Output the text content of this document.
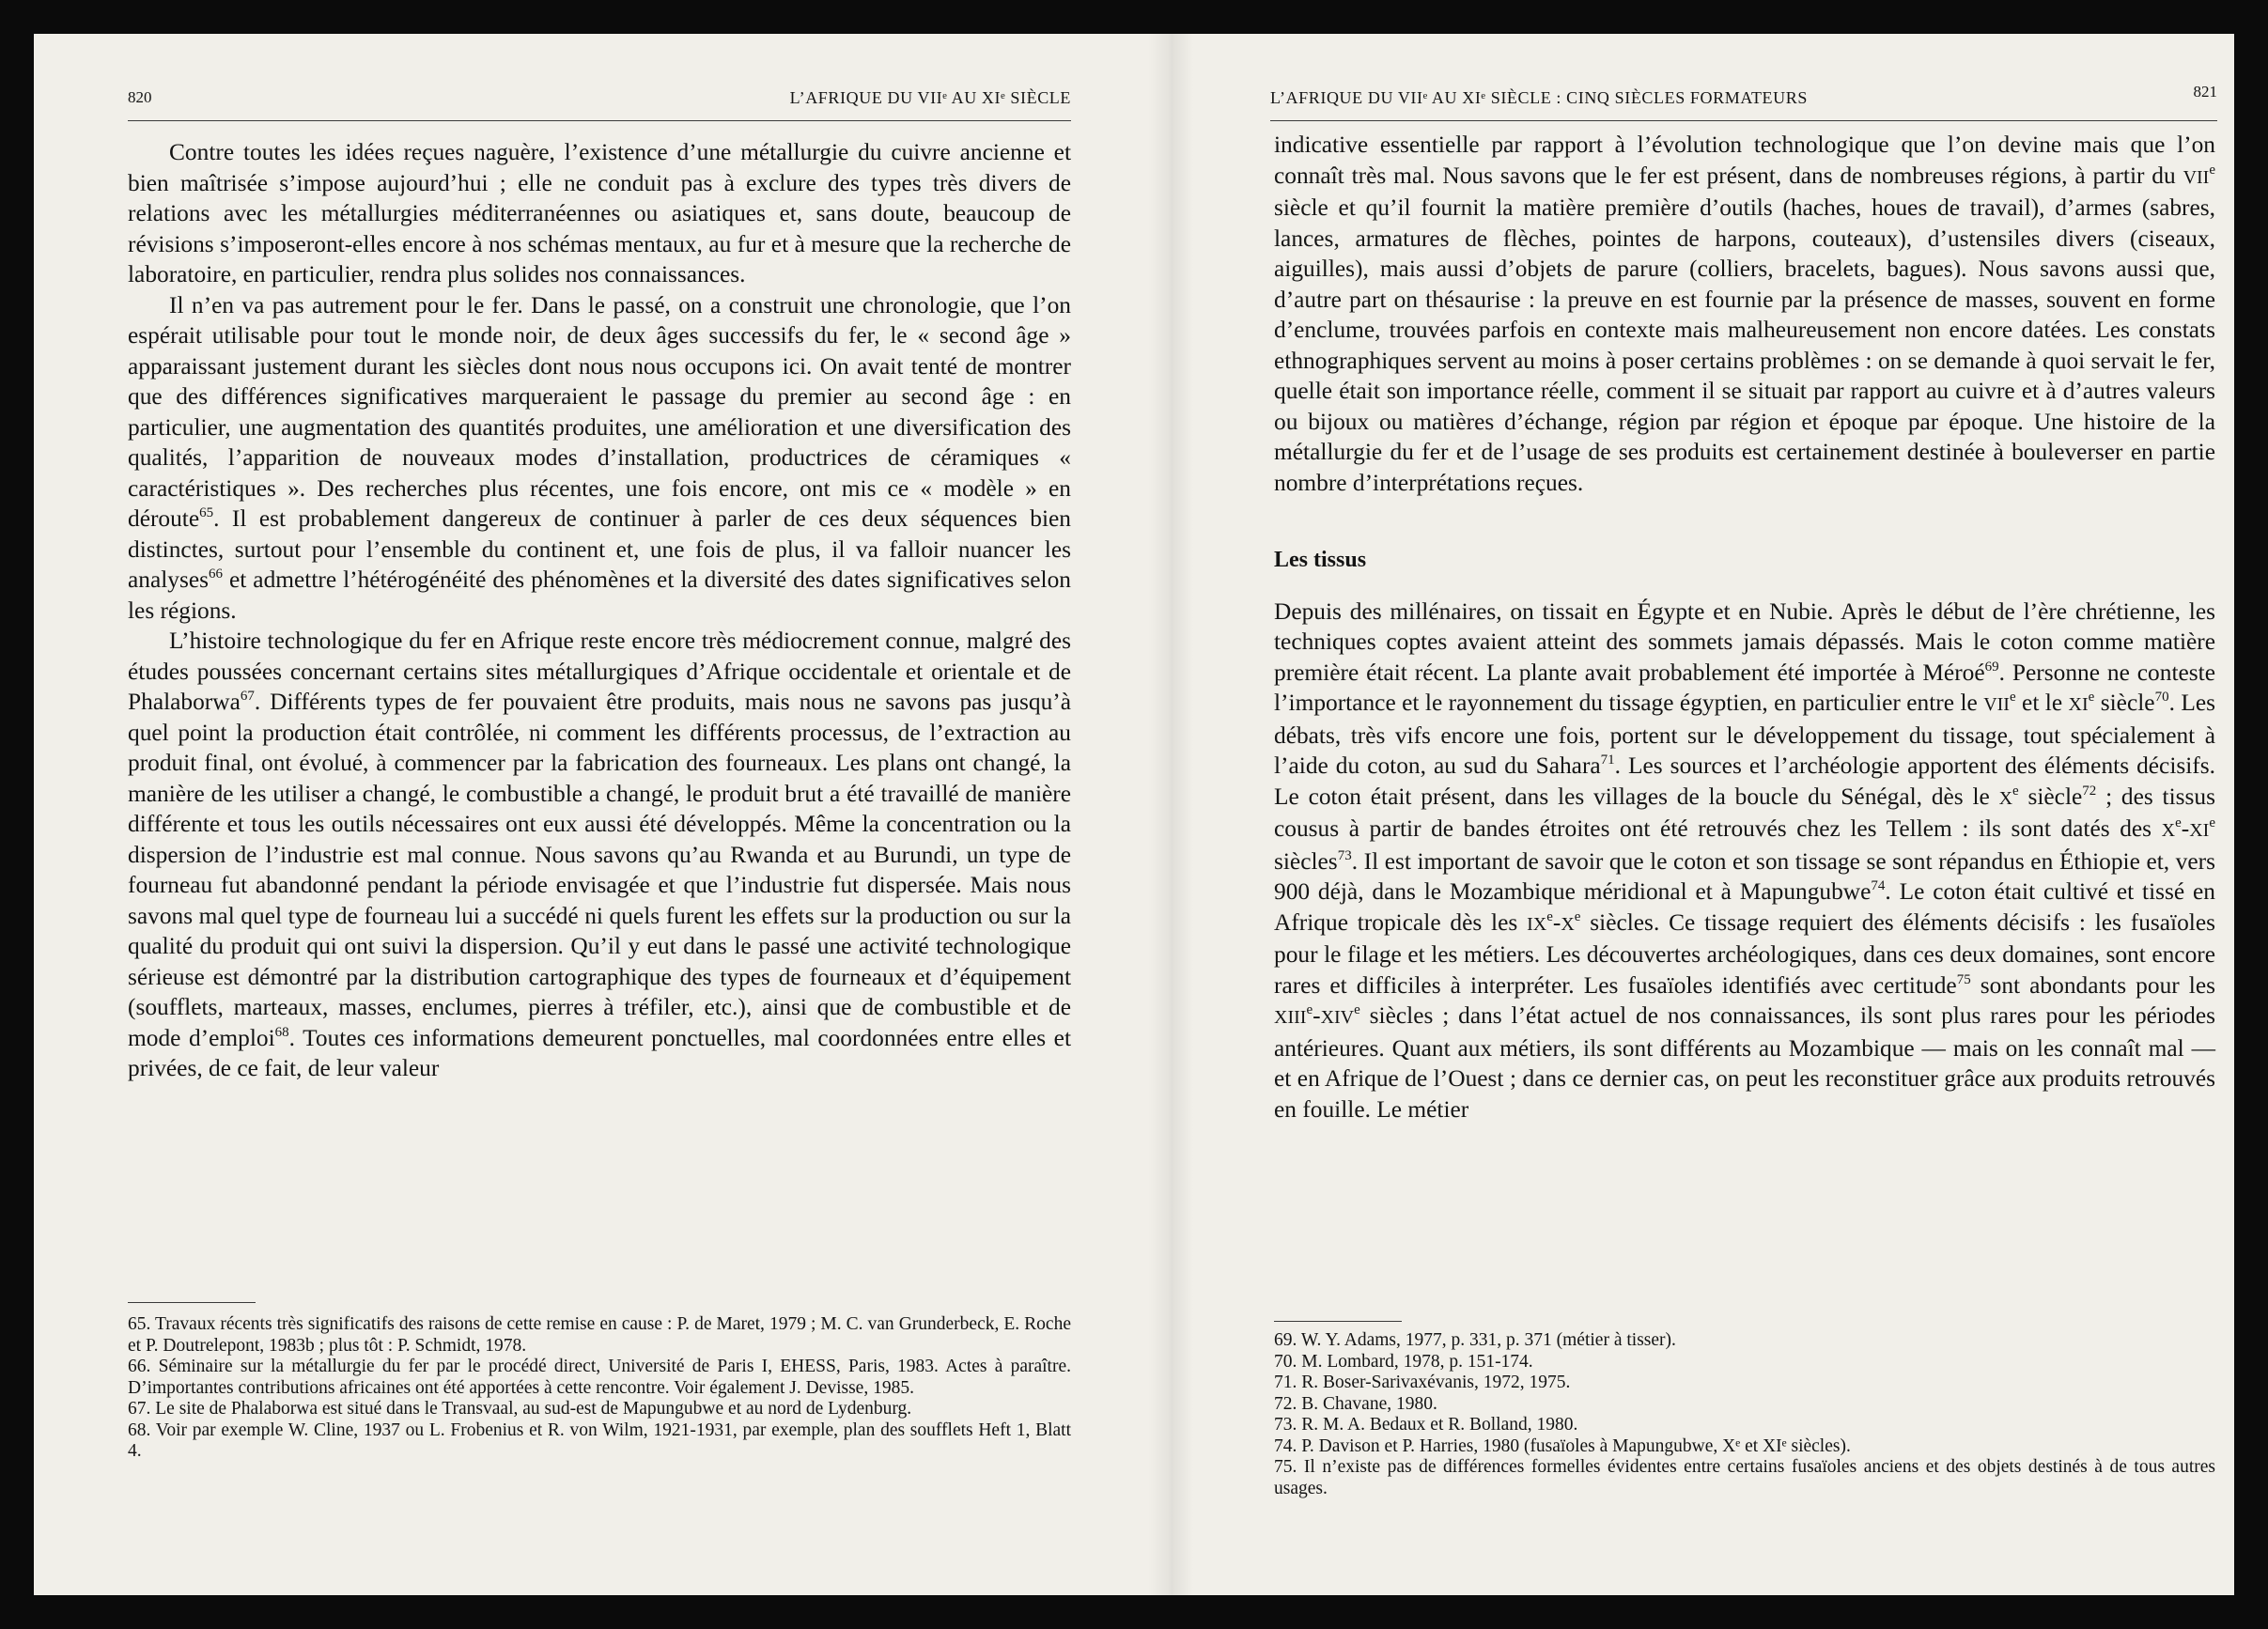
820	L’AFRIQUE DU VIIᵉ AU XIᵉ SIÈCLE

Contre toutes les idées reçues naguère, l’existence d’une métallurgie du cuivre ancienne et bien maîtrisée s’impose aujourd’hui ; elle ne conduit pas à exclure des types très divers de relations avec les métallurgies méditerranéennes ou asiatiques et, sans doute, beaucoup de révisions s’imposeront-elles encore à nos schémas mentaux, au fur et à mesure que la recherche de laboratoire, en particulier, rendra plus solides nos connaissances.

Il n’en va pas autrement pour le fer. Dans le passé, on a construit une chronologie, que l’on espérait utilisable pour tout le monde noir, de deux âges successifs du fer, le « second âge » apparaissant justement durant les siècles dont nous nous occupons ici. On avait tenté de montrer que des différences significatives marqueraient le passage du premier au second âge : en particulier, une augmentation des quantités produites, une amélioration et une diversification des qualités, l’apparition de nouveaux modes d’installation, productrices de céramiques « caractéristiques ». Des recherches plus récentes, une fois encore, ont mis ce « modèle » en déroute$^{65}$. Il est probablement dangereux de continuer à parler de ces deux séquences bien distinctes, surtout pour l’ensemble du continent et, une fois de plus, il va falloir nuancer les analyses$^{66}$ et admettre l’hétérogénéité des phénomènes et la diversité des dates significatives selon les régions.

L’histoire technologique du fer en Afrique reste encore très médiocrement connue, malgré des études poussées concernant certains sites métallurgiques d’Afrique occidentale et orientale et de Phalaborwa$^{67}$. Différents types de fer pouvaient être produits, mais nous ne savons pas jusqu’à quel point la production était contrôlée, ni comment les différents processus, de l’extraction au produit final, ont évolué, à commencer par la fabrication des fourneaux. Les plans ont changé, la manière de les utiliser a changé, le combustible a changé, le produit brut a été travaillé de manière différente et tous les outils nécessaires ont eux aussi été développés. Même la concentration ou la dispersion de l’industrie est mal connue. Nous savons qu’au Rwanda et au Burundi, un type de fourneau fut abandonné pendant la période envisagée et que l’industrie fut dispersée. Mais nous savons mal quel type de fourneau lui a succédé ni quels furent les effets sur la production ou sur la qualité du produit qui ont suivi la dispersion. Qu’il y eut dans le passé une activité technologique sérieuse est démontré par la distribution cartographique des types de fourneaux et d’équipement (soufflets, marteaux, masses, enclumes, pierres à tréfiler, etc.), ainsi que de combustible et de mode d’emploi$^{68}$. Toutes ces informations demeurent ponctuelles, mal coordonnées entre elles et privées, de ce fait, de leur valeur

65. Travaux récents très significatifs des raisons de cette remise en cause : P. de Maret, 1979 ; M. C. van Grunderbeck, E. Roche et P. Doutrelepont, 1983b ; plus tôt : P. Schmidt, 1978.

66. Séminaire sur la métallurgie du fer par le procédé direct, Université de Paris I, EHESS, Paris, 1983. Actes à paraître. D’importantes contributions africaines ont été apportées à cette rencontre. Voir également J. Devisse, 1985.

67. Le site de Phalaborwa est situé dans le Transvaal, au sud-est de Mapungubwe et au nord de Lydenburg.

68. Voir par exemple W. Cline, 1937 ou L. Frobenius et R. von Wilm, 1921-1931, par exemple, plan des soufflets Heft 1, Blatt 4.

L’AFRIQUE DU VIIᵉ AU XIᵉ SIÈCLE : CINQ SIÈCLES FORMATEURS	821

indicative essentielle par rapport à l’évolution technologique que l’on devine mais que l’on connaît très mal. Nous savons que le fer est présent, dans de nombreuses régions, à partir du VIIe siècle et qu’il fournit la matière première d’outils (haches, houes de travail), d’armes (sabres, lances, armatures de flèches, pointes de harpons, couteaux), d’ustensiles divers (ciseaux, aiguilles), mais aussi d’objets de parure (colliers, bracelets, bagues). Nous savons aussi que, d’autre part on thésaurise : la preuve en est fournie par la présence de masses, souvent en forme d’enclume, trouvées parfois en contexte mais malheureusement non encore datées. Les constats ethnographiques servent au moins à poser certains problèmes : on se demande à quoi servait le fer, quelle était son importance réelle, comment il se situait par rapport au cuivre et à d’autres valeurs ou bijoux ou matières d’échange, région par région et époque par époque. Une histoire de la métallurgie du fer et de l’usage de ses produits est certainement destinée à bouleverser en partie nombre d’interprétations reçues.

Les tissus

Depuis des millénaires, on tissait en Égypte et en Nubie. Après le début de l’ère chrétienne, les techniques coptes avaient atteint des sommets jamais dépassés. Mais le coton comme matière première était récent. La plante avait probablement été importée à Méroé$^{69}$. Personne ne conteste l’importance et le rayonnement du tissage égyptien, en particulier entre le VIIe et le XIe siècle$^{70}$. Les débats, très vifs encore une fois, portent sur le développement du tissage, tout spécialement à l’aide du coton, au sud du Sahara$^{71}$. Les sources et l’archéologie apportent des éléments décisifs. Le coton était présent, dans les villages de la boucle du Sénégal, dès le Xe siècle$^{72}$ ; des tissus cousus à partir de bandes étroites ont été retrouvés chez les Tellem : ils sont datés des Xe-XIe siècles$^{73}$. Il est important de savoir que le coton et son tissage se sont répandus en Éthiopie et, vers 900 déjà, dans le Mozambique méridional et à Mapungubwe$^{74}$. Le coton était cultivé et tissé en Afrique tropicale dès les IXe-Xe siècles. Ce tissage requiert des éléments décisifs : les fusaïoles pour le filage et les métiers. Les découvertes archéologiques, dans ces deux domaines, sont encore rares et difficiles à interpréter. Les fusaïoles identifiés avec certitude$^{75}$ sont abondants pour les XIIIe-XIVe siècles ; dans l’état actuel de nos connaissances, ils sont plus rares pour les périodes antérieures. Quant aux métiers, ils sont différents au Mozambique — mais on les connaît mal — et en Afrique de l’Ouest ; dans ce dernier cas, on peut les reconstituer grâce aux produits retrouvés en fouille. Le métier

69. W. Y. Adams, 1977, p. 331, p. 371 (métier à tisser).

70. M. Lombard, 1978, p. 151-174.

71. R. Boser-Sarivaxévanis, 1972, 1975.

72. B. Chavane, 1980.

73. R. M. A. Bedaux et R. Bolland, 1980.

74. P. Davison et P. Harries, 1980 (fusaïoles à Mapungubwe, Xᵉ et XIᵉ siècles).

75. Il n’existe pas de différences formelles évidentes entre certains fusaïoles anciens et des objets destinés à de tous autres usages.
